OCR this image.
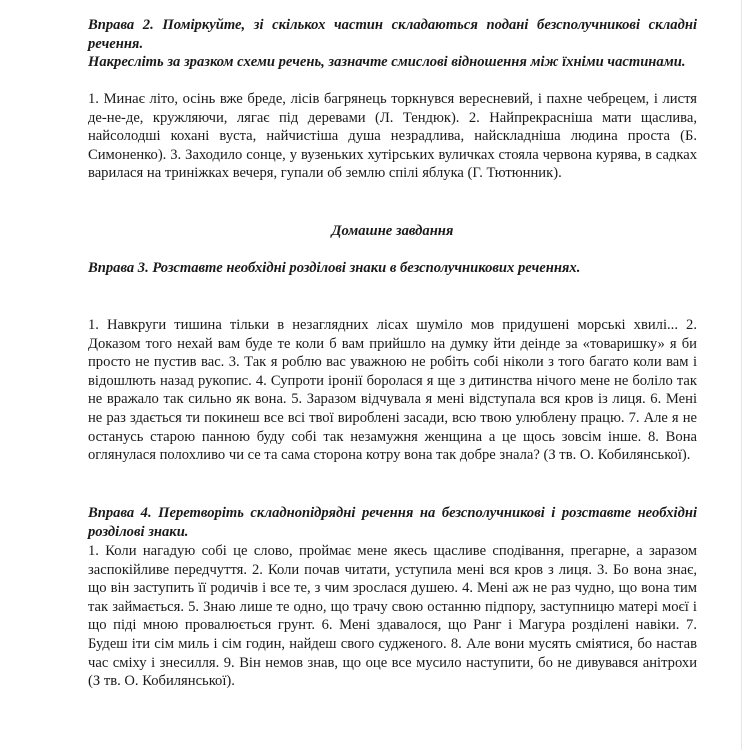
Вправа 2. Поміркуйте, зі скількох частин складаються подані безсполучникові складні речення.
Накресліть за зразком схеми речень, зазначте смислові відношення між їхніми частинами.
1. Минає літо, осінь вже бреде, лісів багрянець торкнувся вересневий, і пахне чебрецем, і листя де-не-де, кружляючи, лягає під деревами (Л. Тендюк). 2. Найпрекрасніша мати щаслива, найсолодші кохані вуста, найчистіша душа незрадлива, найскладніша людина проста (Б. Симоненко). 3. Заходило сонце, у вузеньких хутірських вуличках стояла червона курява, в садках варилася на триніжках вечеря, гупали об землю спілі яблука (Г. Тютюнник).
Домашне завдання
Вправа 3. Розставте необхідні розділові знаки в безсполучникових реченнях.
1. Навкруги тишина тільки в незаглядних лісах шуміло мов придушені морські хвилі... 2. Доказом того нехай вам буде те коли б вам прийшло на думку йти деінде за «товаришку» я би просто не пустив вас. 3. Так я роблю вас уважною не робіть собі ніколи з того багато коли вам і відошлють назад рукопис. 4. Супроти іронії боролася я ще з дитинства нічого мене не боліло так не вражало так сильно як вона. 5. Заразом відчувала я мені відступала вся кров із лиця. 6. Мені не раз здається ти покинеш все всі твої вироблені засади, всю твою улюблену працю. 7. Але я не останусь старою панною буду собі так незамужня женщина а це щось зовсім інше. 8. Вона оглянулася полохливо чи се та сама сторона котру вона так добре знала? (З тв. О. Кобилянської).
Вправа 4. Перетворіть складнопідрядні речення на безсполучникові і розставте необхідні розділові знаки.
1. Коли нагадую собі це слово, проймає мене якесь щасливе сподівання, прегарне, а заразом заспокійливе передчуття. 2. Коли почав читати, уступила мені вся кров з лиця. 3. Бо вона знає, що він заступить її родичів і все те, з чим зрослася душею. 4. Мені аж не раз чудно, що вона тим так займається. 5. Знаю лише те одно, що трачу свою останню підпору, заступницю матері моєї і що піді мною провалюється грунт. 6. Мені здавалося, що Ранг і Магура розділені навіки. 7. Будеш іти сім миль і сім годин, найдеш свого судженого. 8. Але вони мусять сміятися, бо настав час сміху і знесилля. 9. Він немов знав, що оце все мусило наступити, бо не дивувався анітрохи (З тв. О. Кобилянської).
